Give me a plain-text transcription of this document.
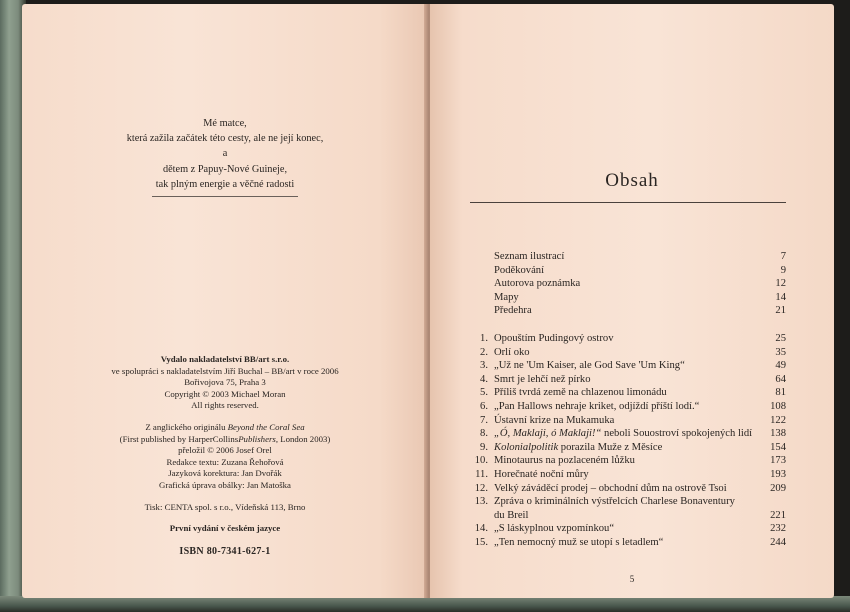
Mé matce,

která zažila začátek této cesty, ale ne její konec,

a

dětem z Papuy-Nové Guineje,

tak plným energie a věčné radosti

Vydalo nakladatelství BB/art s.r.o.

ve spolupráci s nakladatelstvím Jiří Buchal – BB/art v roce 2006

Bořivojova 75, Praha 3

Copyright © 2003 Michael Moran

All rights reserved.

Z anglického originálu Beyond the Coral Sea

(First published by HarperCollinsPublishers, London 2003)

přeložil © 2006 Josef Orel

Redakce textu: Zuzana Řehořová

Jazyková korektura: Jan Dvořák

Grafická úprava obálky: Jan Matoška

Tisk: CENTA spol. s r.o., Vídeňská 113, Brno

První vydání v českém jazyce

ISBN 80-7341-627-1

Obsah
Seznam ilustrací	7
Poděkování	9
Autorova poznámka	12
Mapy	14
Předehra	21
1. Opouštím Pudingový ostrov	25
2. Orlí oko	35
3. „Už ne 'Um Kaiser, ale God Save 'Um King“	49
4. Smrt je lehčí než pírko	64
5. Příliš tvrdá země na chlazenou limonádu	81
6. „Pan Hallows nehraje kriket, odjíždí příští lodí.“	108
7. Ústavní krize na Mukamuka	122
8. „Ó, Maklaji, ó Maklaji!“ neboli Souostroví spokojených lidí 138
9. Kolonialpolitik porazila Muže z Měsíce	154
10. Minotaurus na pozlaceném lůžku	173
11. Horečnaté noční můry	193
12. Velký záváděcí prodej – obchodní dům na ostrově Tsoi	209
13. Zpráva o kriminálních výstřelcích Charlese Bonaventury
du Breil	221
14. „S láskyplnou vzpomínkou“	232
15. „Ten nemocný muž se utopí s letadlem“	244
5
